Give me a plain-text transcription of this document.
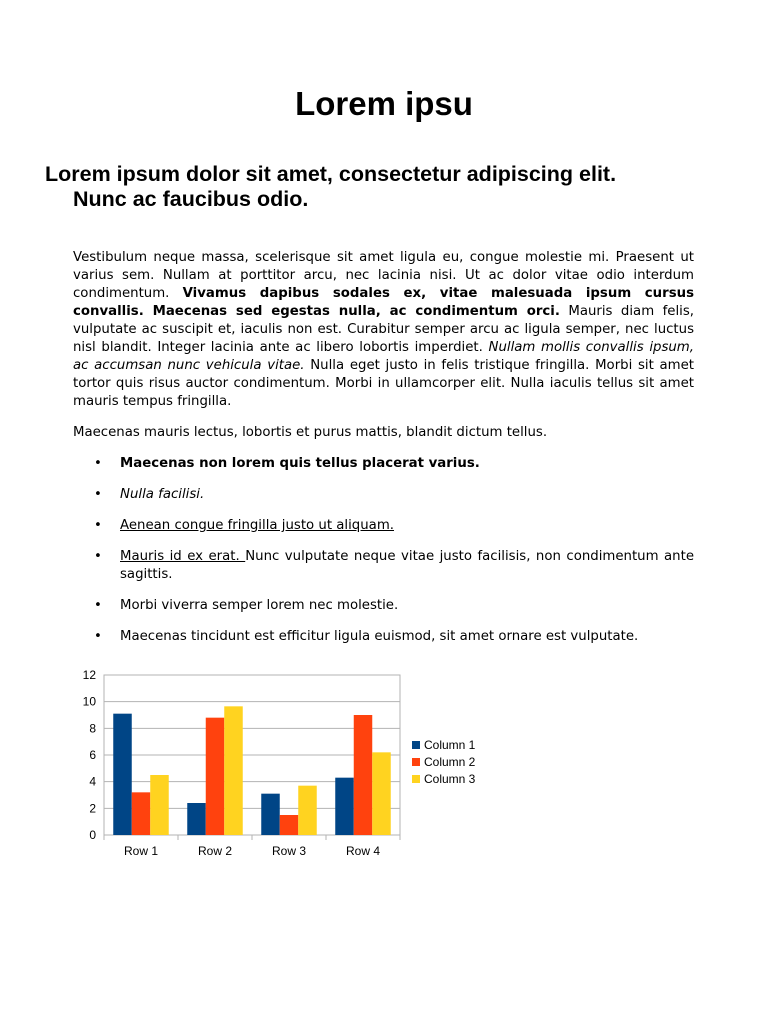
Lorem ipsu
Lorem ipsum dolor sit amet, consectetur adipiscing elit.
Nunc ac faucibus odio.

Vestibulum neque massa, scelerisque sit amet ligula eu, congue molestie mi. Praesent ut varius sem. Nullam at porttitor arcu, nec lacinia nisi. Ut ac dolor vitae odio interdum condimentum. Vivamus dapibus sodales ex, vitae malesuada ipsum cursus convallis. Maecenas sed egestas nulla, ac condimentum orci. Mauris diam felis, vulputate ac suscipit et, iaculis non est. Curabitur semper arcu ac ligula semper, nec luctus nisl blandit. Integer lacinia ante ac libero lobortis imperdiet. Nullam mollis convallis ipsum, ac accumsan nunc vehicula vitae. Nulla eget justo in felis tristique fringilla. Morbi sit amet tortor quis risus auctor condimentum. Morbi in ullamcorper elit. Nulla iaculis tellus sit amet mauris tempus fringilla.

Maecenas mauris lectus, lobortis et purus mattis, blandit dictum tellus.

• Maecenas non lorem quis tellus placerat varius.
• Nulla facilisi.
• Aenean congue fringilla justo ut aliquam.
• Mauris id ex erat. Nunc vulputate neque vitae justo facilisis, non condimentum ante sagittis.
• Morbi viverra semper lorem nec molestie.
• Maecenas tincidunt est efficitur ligula euismod, sit amet ornare est vulputate.
0
2
4
6
8
10
12
Row 1	Row 2	Row 3	Row 4
Column 1
Column 2
Column 3
